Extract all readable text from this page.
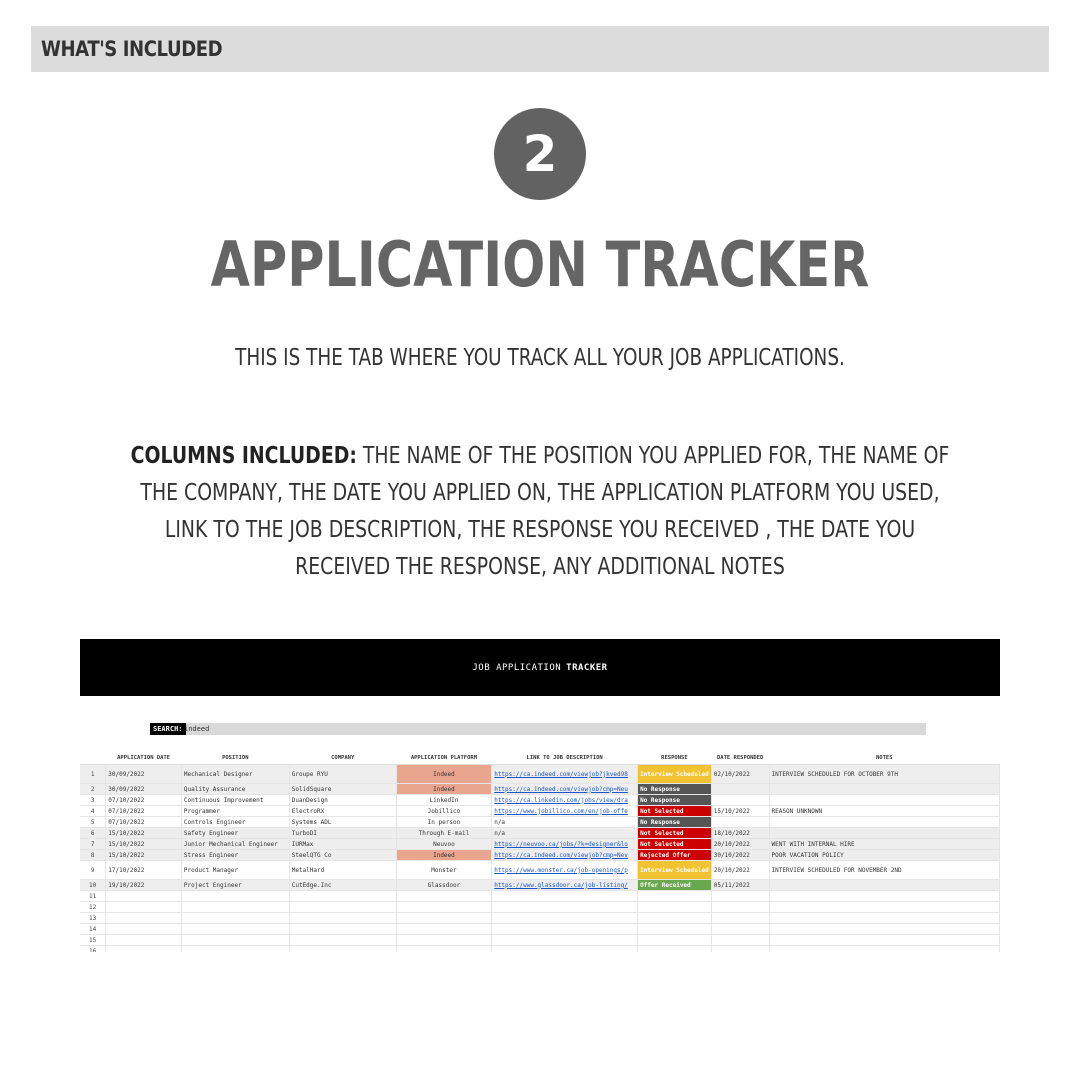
WHAT'S INCLUDED
2
APPLICATION TRACKER
THIS IS THE TAB WHERE YOU TRACK ALL YOUR JOB APPLICATIONS.
COLUMNS INCLUDED: THE NAME OF THE POSITION YOU APPLIED FOR, THE NAME OF THE COMPANY, THE DATE YOU APPLIED ON, THE APPLICATION PLATFORM YOU USED, LINK TO THE JOB DESCRIPTION, THE RESPONSE YOU RECEIVED , THE DATE YOU RECEIVED THE RESPONSE, ANY ADDITIONAL NOTES
JOB APPLICATION TRACKER
SEARCH: indeed
	APPLICATION DATE	POSITION	COMPANY	APPLICATION PLATFORM	LINK TO JOB DESCRIPTION	RESPONSE	DATE RESPONDED	NOTES
1	30/09/2022	Mechanical Designer	Groupe RYU	Indeed	https://ca.indeed.com/viewjob?jkved98	Interview Scheduled	02/10/2022	INTERVIEW SCHEDULED FOR OCTOBER 9TH
2	30/09/2022	Quality Assurance	SolidSquare	Indeed	https://ca.indeed.com/viewjob?cmp=Neu	No Response		
3	07/10/2022	Continuous Improvement	DuanDesign	LinkedIn	https://ca.linkedin.com/jobs/view/dra	No Response		
4	07/10/2022	Programmer	ElectroRX	Jobillico	https://www.jobillico.com/en/job-offe	Not Selected	15/10/2022	REASON UNKNOWN
5	07/10/2022	Controls Engineer	Systems ADL	In person	n/a	No Response		
6	15/10/2022	Safety Engineer	TurboDI	Through E-mail	n/a	Not Selected	18/10/2022	
7	15/10/2022	Junior Mechanical Engineer	IURMax	Neuvoo	https://neuvoo.ca/jobs/?k=designer&lo	Not Selected	20/10/2022	WENT WITH INTERNAL HIRE
8	15/10/2022	Stress Engineer	SteelQTG Co	Indeed	https://ca.indeed.com/viewjob?cmp=Nev	Rejected Offer	30/10/2022	POOR VACATION POLICY
9	17/10/2022	Product Manager	MetalHard	Monster	https://www.monster.ca/job-openings/p	Interview Scheduled	20/10/2022	INTERVIEW SCHEDULED FOR NOVEMBER 2ND
10	19/10/2022	Project Engineer	CutEdge.Inc	Glassdoor	https://www.glassdoor.ca/job-listing/	Offer Received	05/11/2022	
11								
12								
13								
14								
15								
16								
